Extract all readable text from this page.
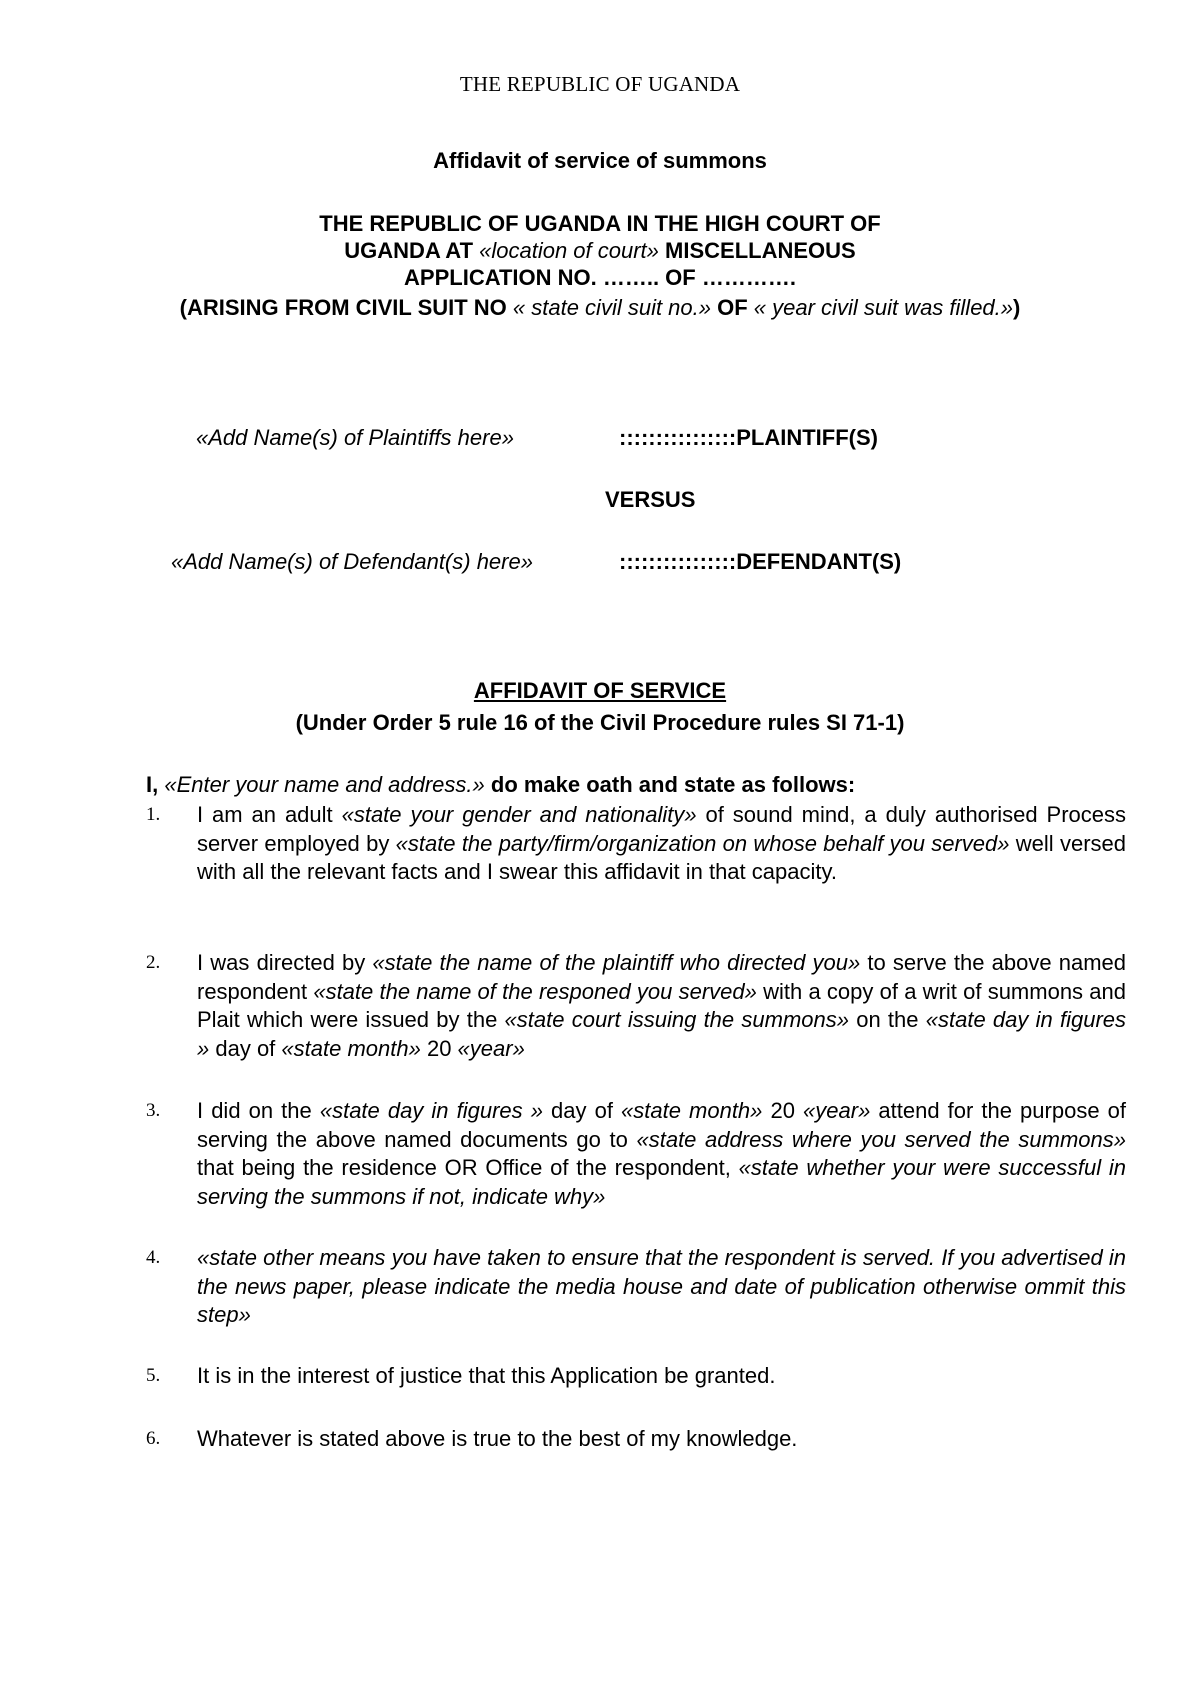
THE REPUBLIC OF UGANDA
Affidavit of service of summons
THE REPUBLIC OF UGANDA IN THE HIGH COURT OF
UGANDA AT «location of court» MISCELLANEOUS
APPLICATION NO. …….. OF ………….
(ARISING FROM CIVIL SUIT NO « state civil suit no.» OF « year civil suit was filled.»)
«Add Name(s) of Plaintiffs here»	::::::::::::::::PLAINTIFF(S)
VERSUS
«Add Name(s) of Defendant(s) here»	::::::::::::::::DEFENDANT(S)
AFFIDAVIT OF SERVICE
(Under Order 5 rule 16 of the Civil Procedure rules SI 71-1)
I, «Enter your name and address.» do make oath and state as follows:
1. I am an adult «state your gender and nationality» of sound mind, a duly authorised Process server employed by «state the party/firm/organization on whose behalf you served» well versed with all the relevant facts and I swear this affidavit in that capacity.
2. I was directed by «state the name of the plaintiff who directed you» to serve the above named respondent «state the name of the responed you served» with a copy of a writ of summons and Plait which were issued by the «state court issuing the summons» on the «state day in figures » day of «state month» 20 «year»
3. I did on the «state day in figures » day of «state month» 20 «year» attend for the purpose of serving the above named documents go to «state address where you served the summons» that being the residence OR Office of the respondent, «state whether your were successful in serving the summons if not, indicate why»
4. «state other means you have taken to ensure that the respondent is served. If you advertised in the news paper, please indicate the media house and date of publication otherwise ommit this step»
5. It is in the interest of justice that this Application be granted.
6. Whatever is stated above is true to the best of my knowledge.
